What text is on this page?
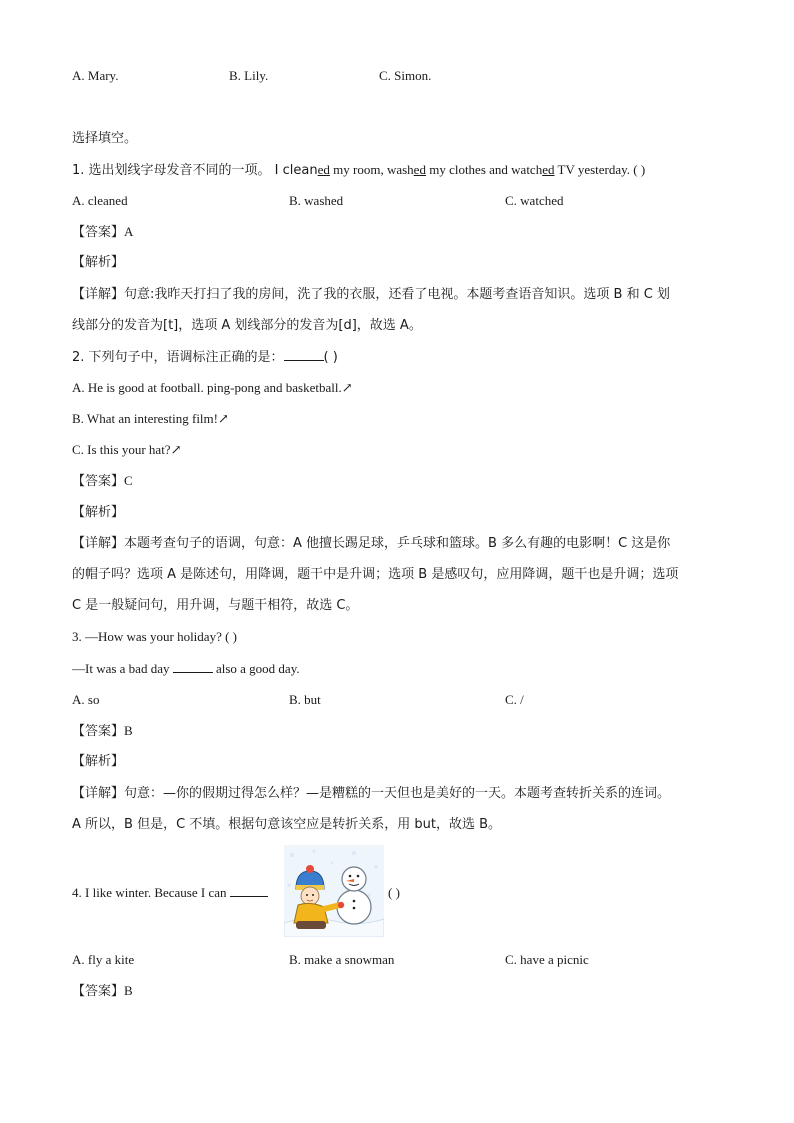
A. Mary.	B. Lily.	C. Simon.
选择填空。
1. 选出划线字母发音不同的一项。 I cleaned my room, washed my clothes and watched TV yesterday. ( )
A. cleaned	B. washed	C. watched
【答案】A
【解析】
【详解】句意:我昨天打扫了我的房间，洗了我的衣服，还看了电视。本题考查语音知识。选项 B 和 C 划
线部分的发音为[t]，选项 A 划线部分的发音为[d]，故选 A。
2. 下列句子中，语调标注正确的是：	( )
A. He is good at football. ping-pong and basketball.↗
B. What an interesting film!↗
C. Is this your hat?↗
【答案】C
【解析】
【详解】本题考查句子的语调，句意：A 他擅长踢足球，乒乓球和篮球。B 多么有趣的电影啊！C 这是你
的帽子吗？选项 A 是陈述句，用降调，题干中是升调；选项 B 是感叹句，应用降调，题干也是升调；选项
C 是一般疑问句，用升调，与题干相符，故选 C。
3. —How was your holiday? ( )
—It was a bad day	also a good day.
A. so	B. but	C. /
【答案】B
【解析】
【详解】句意：—你的假期过得怎么样？—是糟糕的一天但也是美好的一天。本题考查转折关系的连词。
A 所以，B 但是，C 不填。根据句意该空应是转折关系，用 but，故选 B。
4. I like winter. Because I can	( )
A. fly a kite	B. make a snowman	C. have a picnic
【答案】B
